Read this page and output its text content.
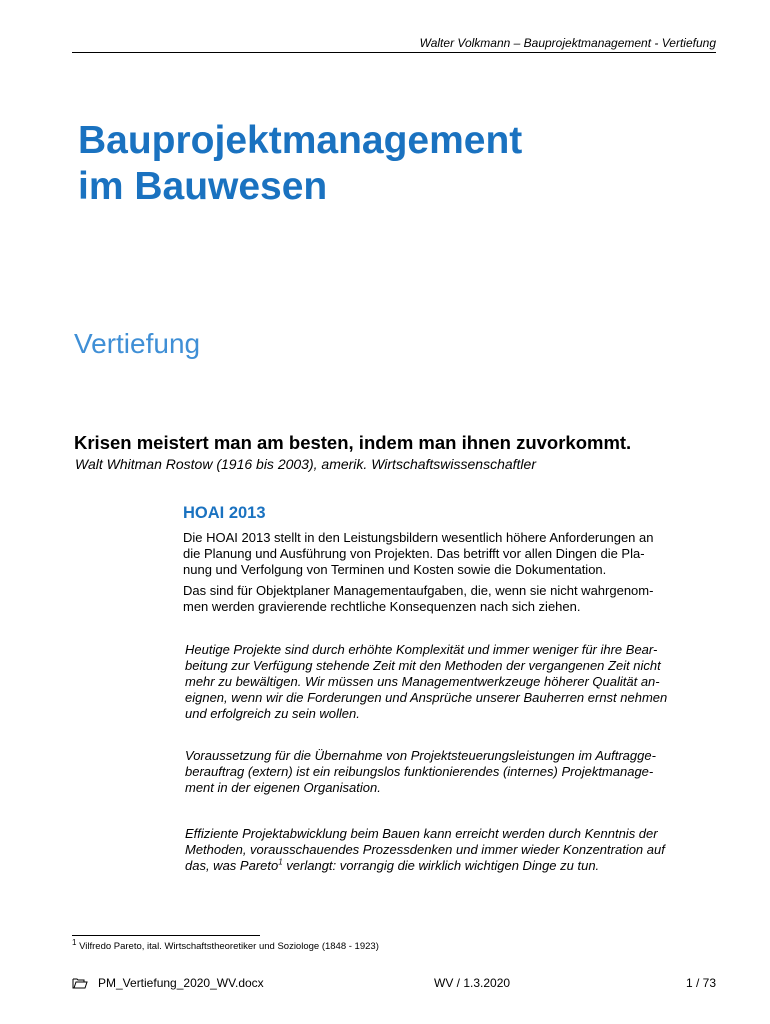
Walter Volkmann – Bauprojektmanagement - Vertiefung
Bauprojektmanagement
im Bauwesen
Vertiefung
Krisen meistert man am besten, indem man ihnen zuvorkommt.
Walt Whitman Rostow (1916 bis 2003), amerik. Wirtschaftswissenschaftler
HOAI 2013

Die HOAI 2013 stellt in den Leistungsbildern wesentlich höhere Anforderungen an
die Planung und Ausführung von Projekten. Das betrifft vor allen Dingen die Pla-
nung und Verfolgung von Terminen und Kosten sowie die Dokumentation.

Das sind für Objektplaner Managementaufgaben, die, wenn sie nicht wahrgenom-
men werden gravierende rechtliche Konsequenzen nach sich ziehen.

Heutige Projekte sind durch erhöhte Komplexität und immer weniger für ihre Bear-
beitung zur Verfügung stehende Zeit mit den Methoden der vergangenen Zeit nicht
mehr zu bewältigen. Wir müssen uns Managementwerkzeuge höherer Qualität an-
eignen, wenn wir die Forderungen und Ansprüche unserer Bauherren ernst nehmen
und erfolgreich zu sein wollen.

Voraussetzung für die Übernahme von Projektsteuerungsleistungen im Auftragge-
berauftrag (extern) ist ein reibungslos funktionierendes (internes) Projektmanage-
ment in der eigenen Organisation.

Effiziente Projektabwicklung beim Bauen kann erreicht werden durch Kenntnis der
Methoden, vorausschauendes Prozessdenken und immer wieder Konzentration auf
das, was Pareto$^1$ verlangt: vorrangig die wirklich wichtigen Dinge zu tun.

$^1$ Vilfredo Pareto, ital. Wirtschaftstheoretiker und Soziologe (1848 - 1923)
PM_Vertiefung_2020_WV.docx	WV / 1.3.2020	1 / 73
